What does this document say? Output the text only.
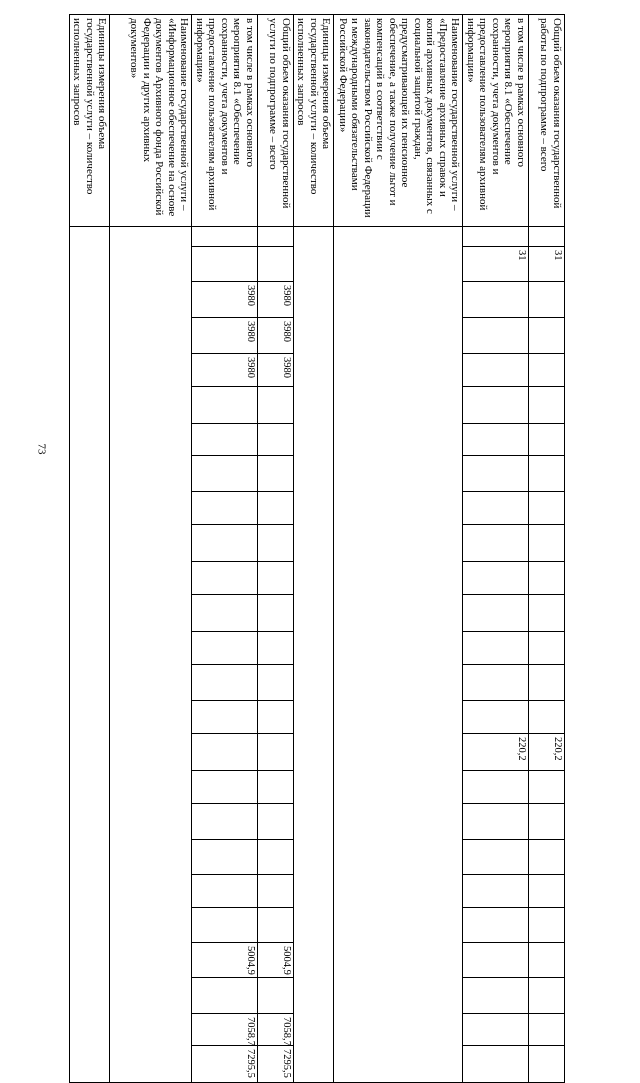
73
Общий объем оказания государственной работы по подпрограмме – всего		31														220,2									
в том числе в рамках основного мероприятия 8.1 «Обеспечение сохранности, учета документов и предоставление пользователям архивной информации»		31														220,2									
Наименование государственной услуги – «Предоставление архивных справок и копий архивных документов, связанных с социальной защитой граждан, предусматривающей их пенсионное обеспечение, а также получение льгот и компенсаций в соответствии с законодательством Российской Федерации и международными обязательствами Российской Федерации»																									
Единицы измерения объема государственной услуги – количество исполненных запросов																									
Общий объем оказания государственной услуги по подпрограмме – всего			3980	3980	3980																	5004,9		7058,7	7295,5
в том числе в рамках основного мероприятия 8.1 «Обеспечение сохранности, учета документов и предоставление пользователям архивной информации»			3980	3980	3980																	5004,9		7058,7	7295,5
Наименование государственной услуги – «Информационное обеспечение на основе документов Архивного фонда Российской Федерации и других архивных документов»																									
Единицы измерения объема государственной услуги – количество исполненных запросов																									
